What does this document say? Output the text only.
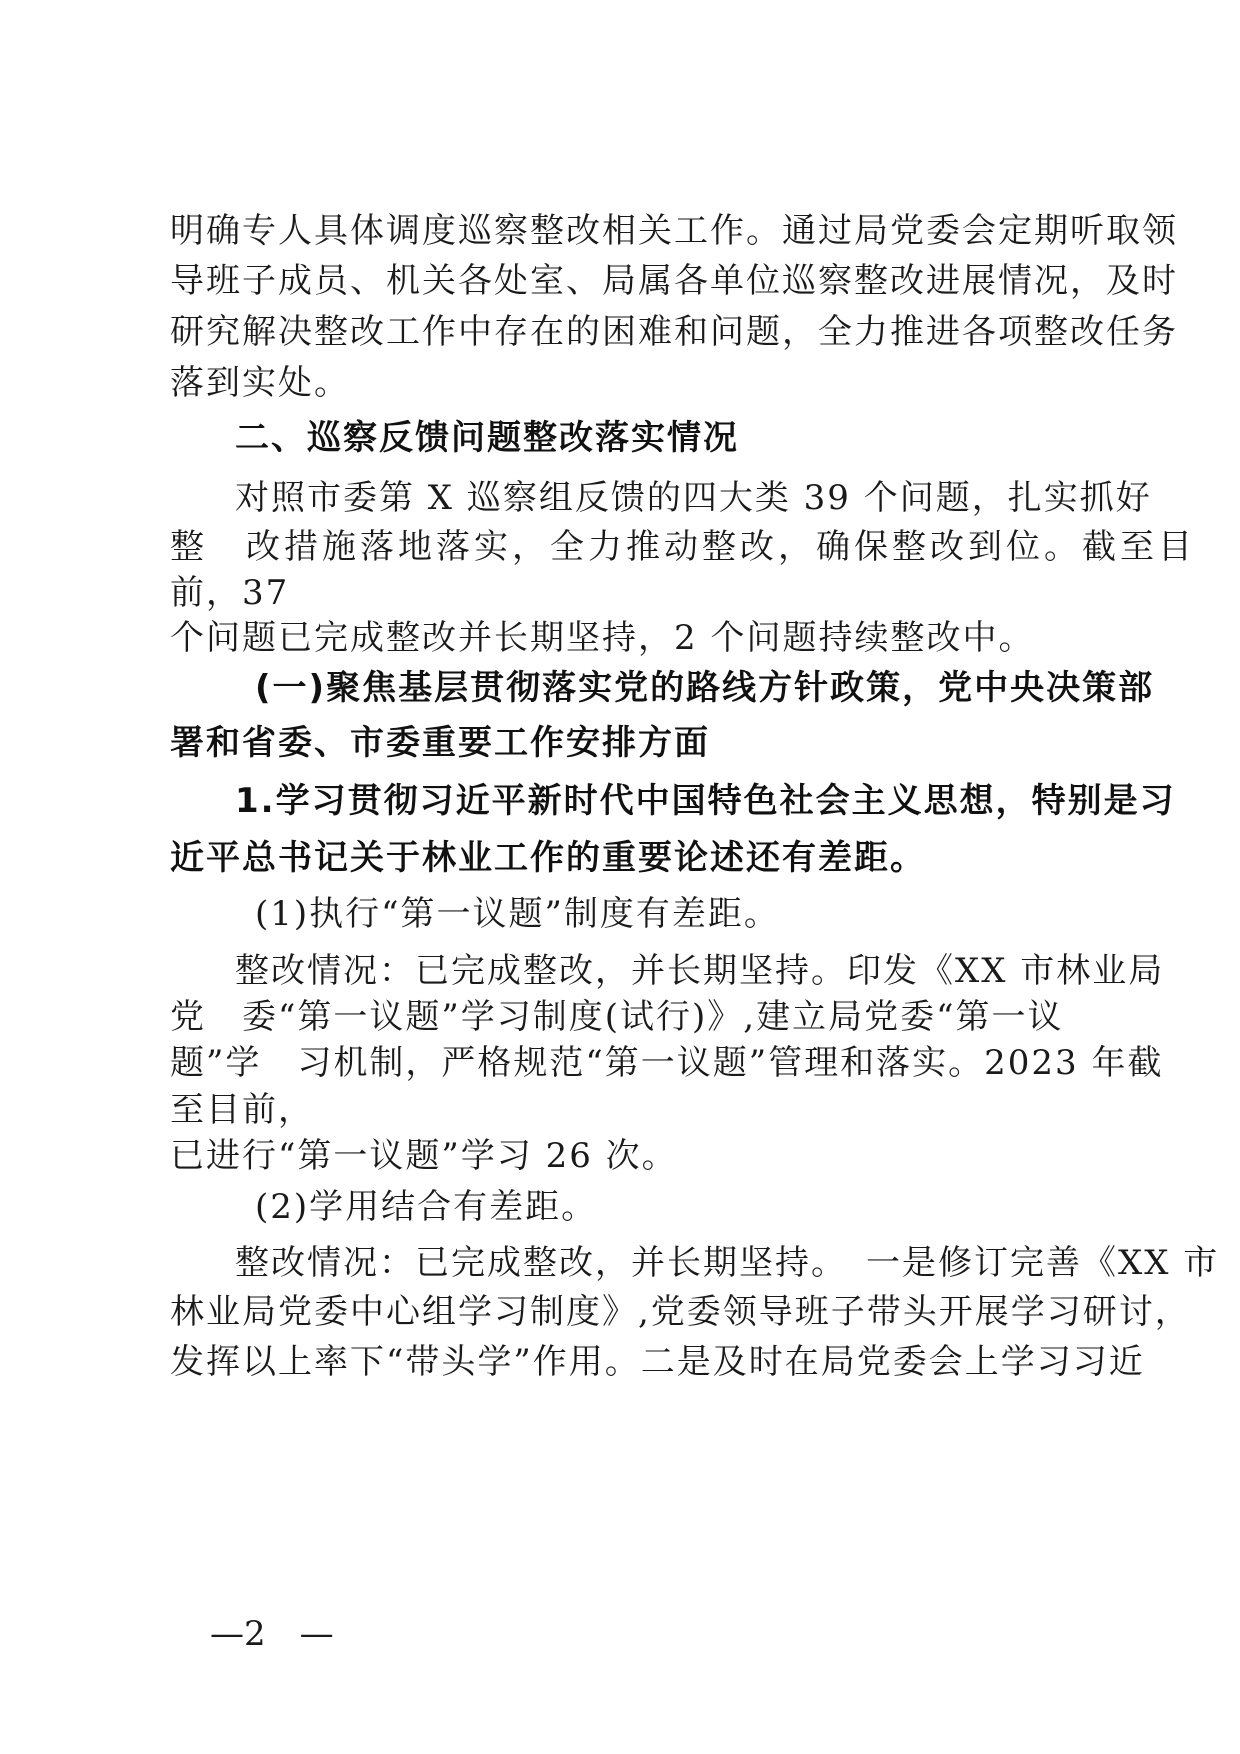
明确专人具体调度巡察整改相关工作。通过局党委会定期听取领
导班子成员、机关各处室、局属各单位巡察整改进展情况，及时
研究解决整改工作中存在的困难和问题，全力推进各项整改任务
落到实处。
二、巡察反馈问题整改落实情况
对照市委第 X 巡察组反馈的四大类 39 个问题，扎实抓好
整　改措施落地落实，全力推动整改，确保整改到位。截至目
前，37
个问题已完成整改并长期坚持，2 个问题持续整改中。
(一)聚焦基层贯彻落实党的路线方针政策，党中央决策部
署和省委、市委重要工作安排方面
1.学习贯彻习近平新时代中国特色社会主义思想，特别是习
近平总书记关于林业工作的重要论述还有差距。
(1)执行“第一议题”制度有差距。
整改情况：已完成整改，并长期坚持。印发《XX 市林业局
党　委“第一议题”学习制度(试行)》,建立局党委“第一议
题”学　习机制，严格规范“第一议题”管理和落实。2023 年截
至目前，
已进行“第一议题”学习 26 次。
(2)学用结合有差距。
整改情况：已完成整改，并长期坚持。　一是修订完善《XX 市
林业局党委中心组学习制度》,党委领导班子带头开展学习研讨，
发挥以上率下“带头学”作用。二是及时在局党委会上学习习近
—2　—
